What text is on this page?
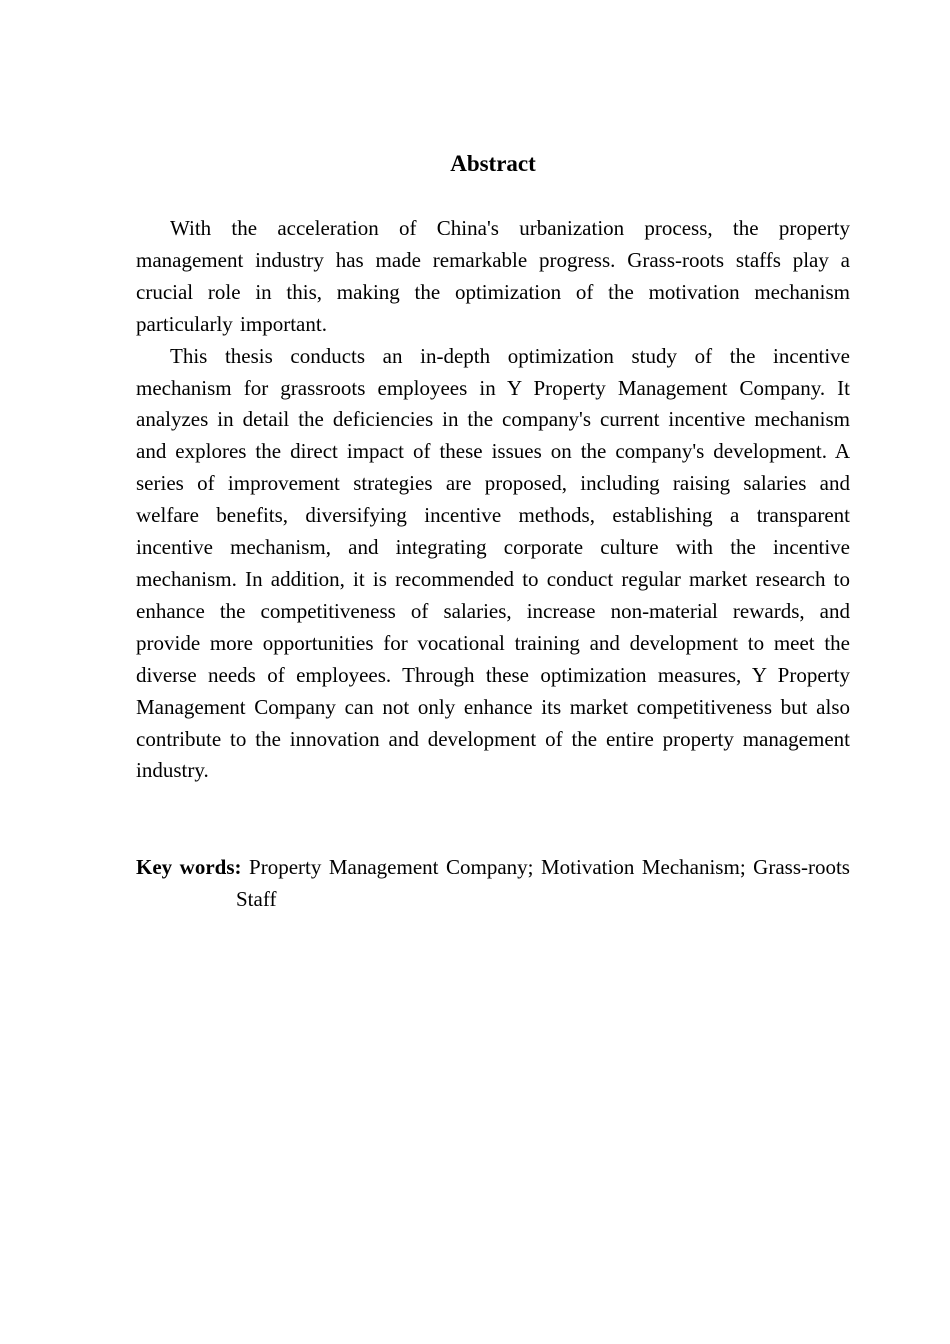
Abstract

With the acceleration of China's urbanization process, the property management industry has made remarkable progress. Grass-roots staffs play a crucial role in this, making the optimization of the motivation mechanism particularly important.

This thesis conducts an in-depth optimization study of the incentive mechanism for grassroots employees in Y Property Management Company. It analyzes in detail the deficiencies in the company's current incentive mechanism and explores the direct impact of these issues on the company's development. A series of improvement strategies are proposed, including raising salaries and welfare benefits, diversifying incentive methods, establishing a transparent incentive mechanism, and integrating corporate culture with the incentive mechanism. In addition, it is recommended to conduct regular market research to enhance the competitiveness of salaries, increase non-material rewards, and provide more opportunities for vocational training and development to meet the diverse needs of employees. Through these optimization measures, Y Property Management Company can not only enhance its market competitiveness but also contribute to the innovation and development of the entire property management industry.

Key words: Property Management Company; Motivation Mechanism; Grass-roots Staff
